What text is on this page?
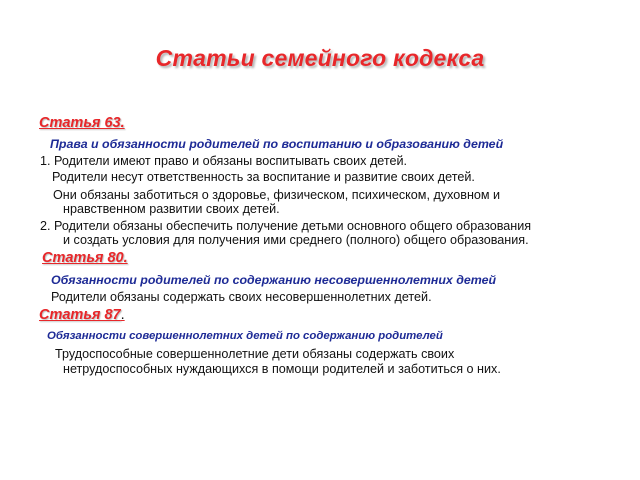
Статьи семейного кодекса
Статья 63.
Права и обязанности родителей по воспитанию и образованию детей
1. Родители имеют право и обязаны воспитывать своих детей.
Родители несут ответственность за воспитание и развитие своих детей.
Они обязаны заботиться о здоровье, физическом, психическом, духовном и
нравственном развитии своих детей.
2. Родители обязаны обеспечить получение детьми основного общего образования
и создать условия для получения ими среднего (полного) общего образования.
Статья 80.
Обязанности родителей по содержанию несовершеннолетних детей
Родители обязаны содержать своих несовершеннолетних детей.
Статья 87.
Обязанности совершеннолетних детей по содержанию родителей
Трудоспособные совершеннолетние дети обязаны содержать своих
нетрудоспособных нуждающихся в помощи родителей и заботиться о них.
